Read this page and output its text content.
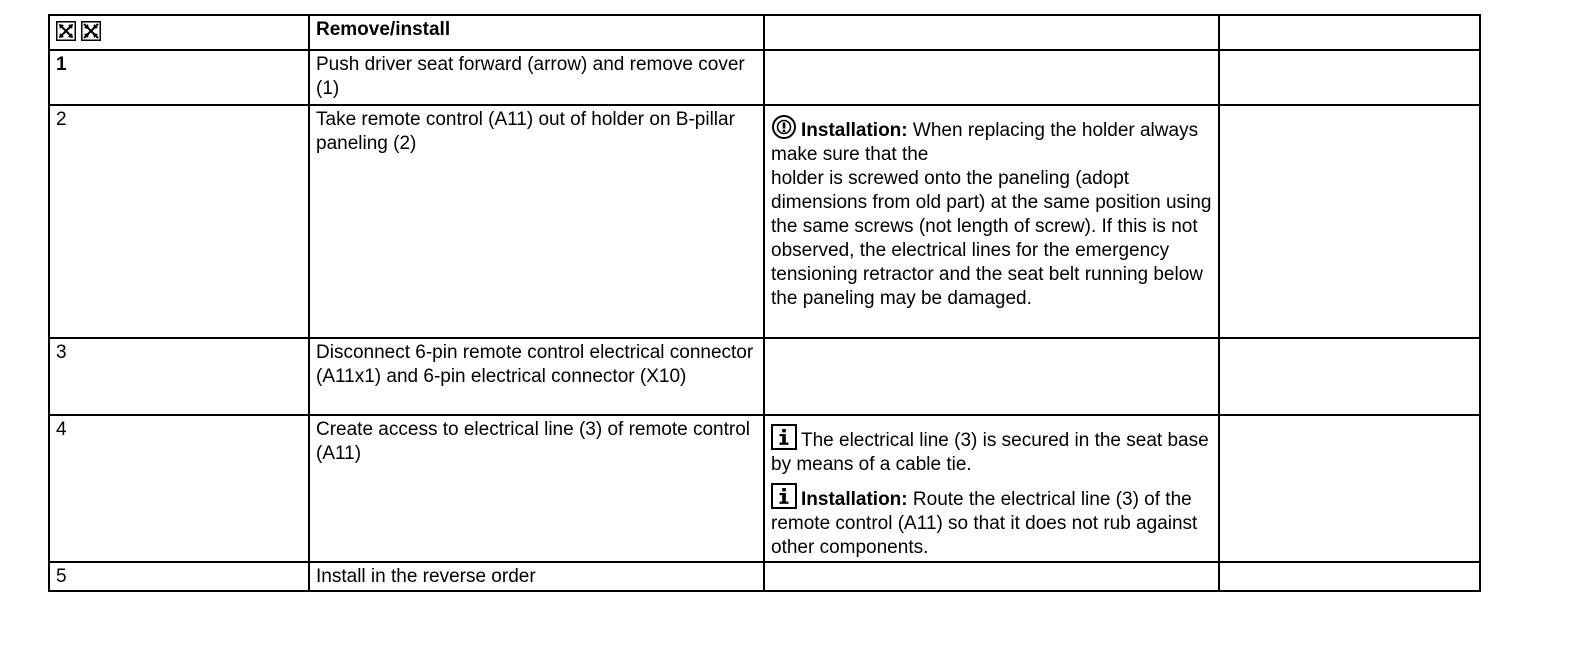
	Remove/install		
1	Push driver seat forward (arrow) and remove cover (1)		
2	Take remote control (A11) out of holder on B-pillar paneling (2)	Installation: When replacing the holder always make sure that the
holder is screwed onto the paneling (adopt dimensions from old part) at the same position using the same screws (not length of screw). If this is not observed, the electrical lines for the emergency tensioning retractor and the seat belt running below the paneling may be damaged.	

3	Disconnect 6-pin remote control electrical connector (A11x1) and 6-pin electrical connector (X10)		
4	Create access to electrical line (3) of remote control (A11)	The electrical line (3) is secured in the seat base by means of a cable tie.
Installation: Route the electrical line (3) of the remote control (A11) so that it does not rub against other components.	

5	Install in the reverse order		
